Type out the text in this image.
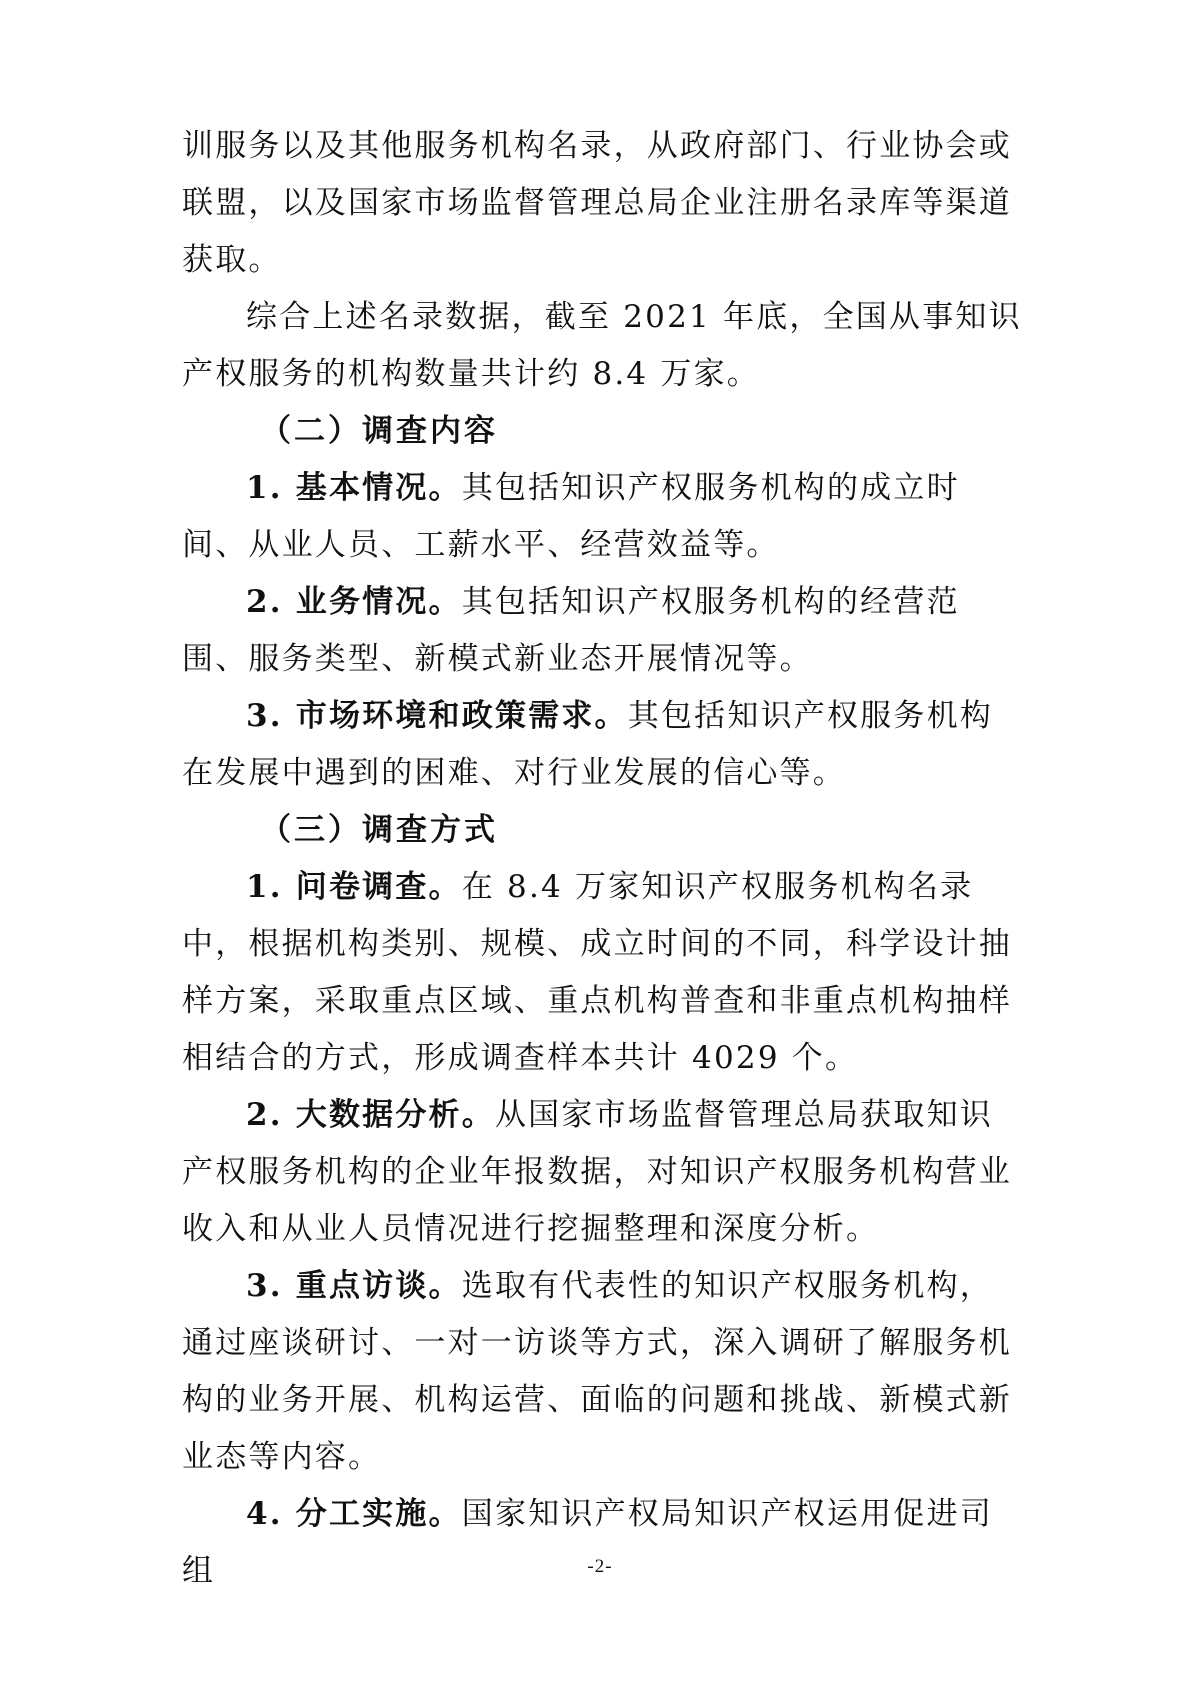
训服务以及其他服务机构名录，从政府部门、行业协会或联盟，以及国家市场监督管理总局企业注册名录库等渠道获取。

综合上述名录数据，截至 2021 年底，全国从事知识产权服务的机构数量共计约 8.4 万家。

（二）调查内容

1. 基本情况。其包括知识产权服务机构的成立时间、从业人员、工薪水平、经营效益等。

2. 业务情况。其包括知识产权服务机构的经营范围、服务类型、新模式新业态开展情况等。

3. 市场环境和政策需求。其包括知识产权服务机构在发展中遇到的困难、对行业发展的信心等。

（三）调查方式

1. 问卷调查。在 8.4 万家知识产权服务机构名录中，根据机构类别、规模、成立时间的不同，科学设计抽样方案，采取重点区域、重点机构普查和非重点机构抽样相结合的方式，形成调查样本共计 4029 个。

2. 大数据分析。从国家市场监督管理总局获取知识产权服务机构的企业年报数据，对知识产权服务机构营业收入和从业人员情况进行挖掘整理和深度分析。

3. 重点访谈。选取有代表性的知识产权服务机构，通过座谈研讨、一对一访谈等方式，深入调研了解服务机构的业务开展、机构运营、面临的问题和挑战、新模式新业态等内容。

4. 分工实施。国家知识产权局知识产权运用促进司组	-2-
